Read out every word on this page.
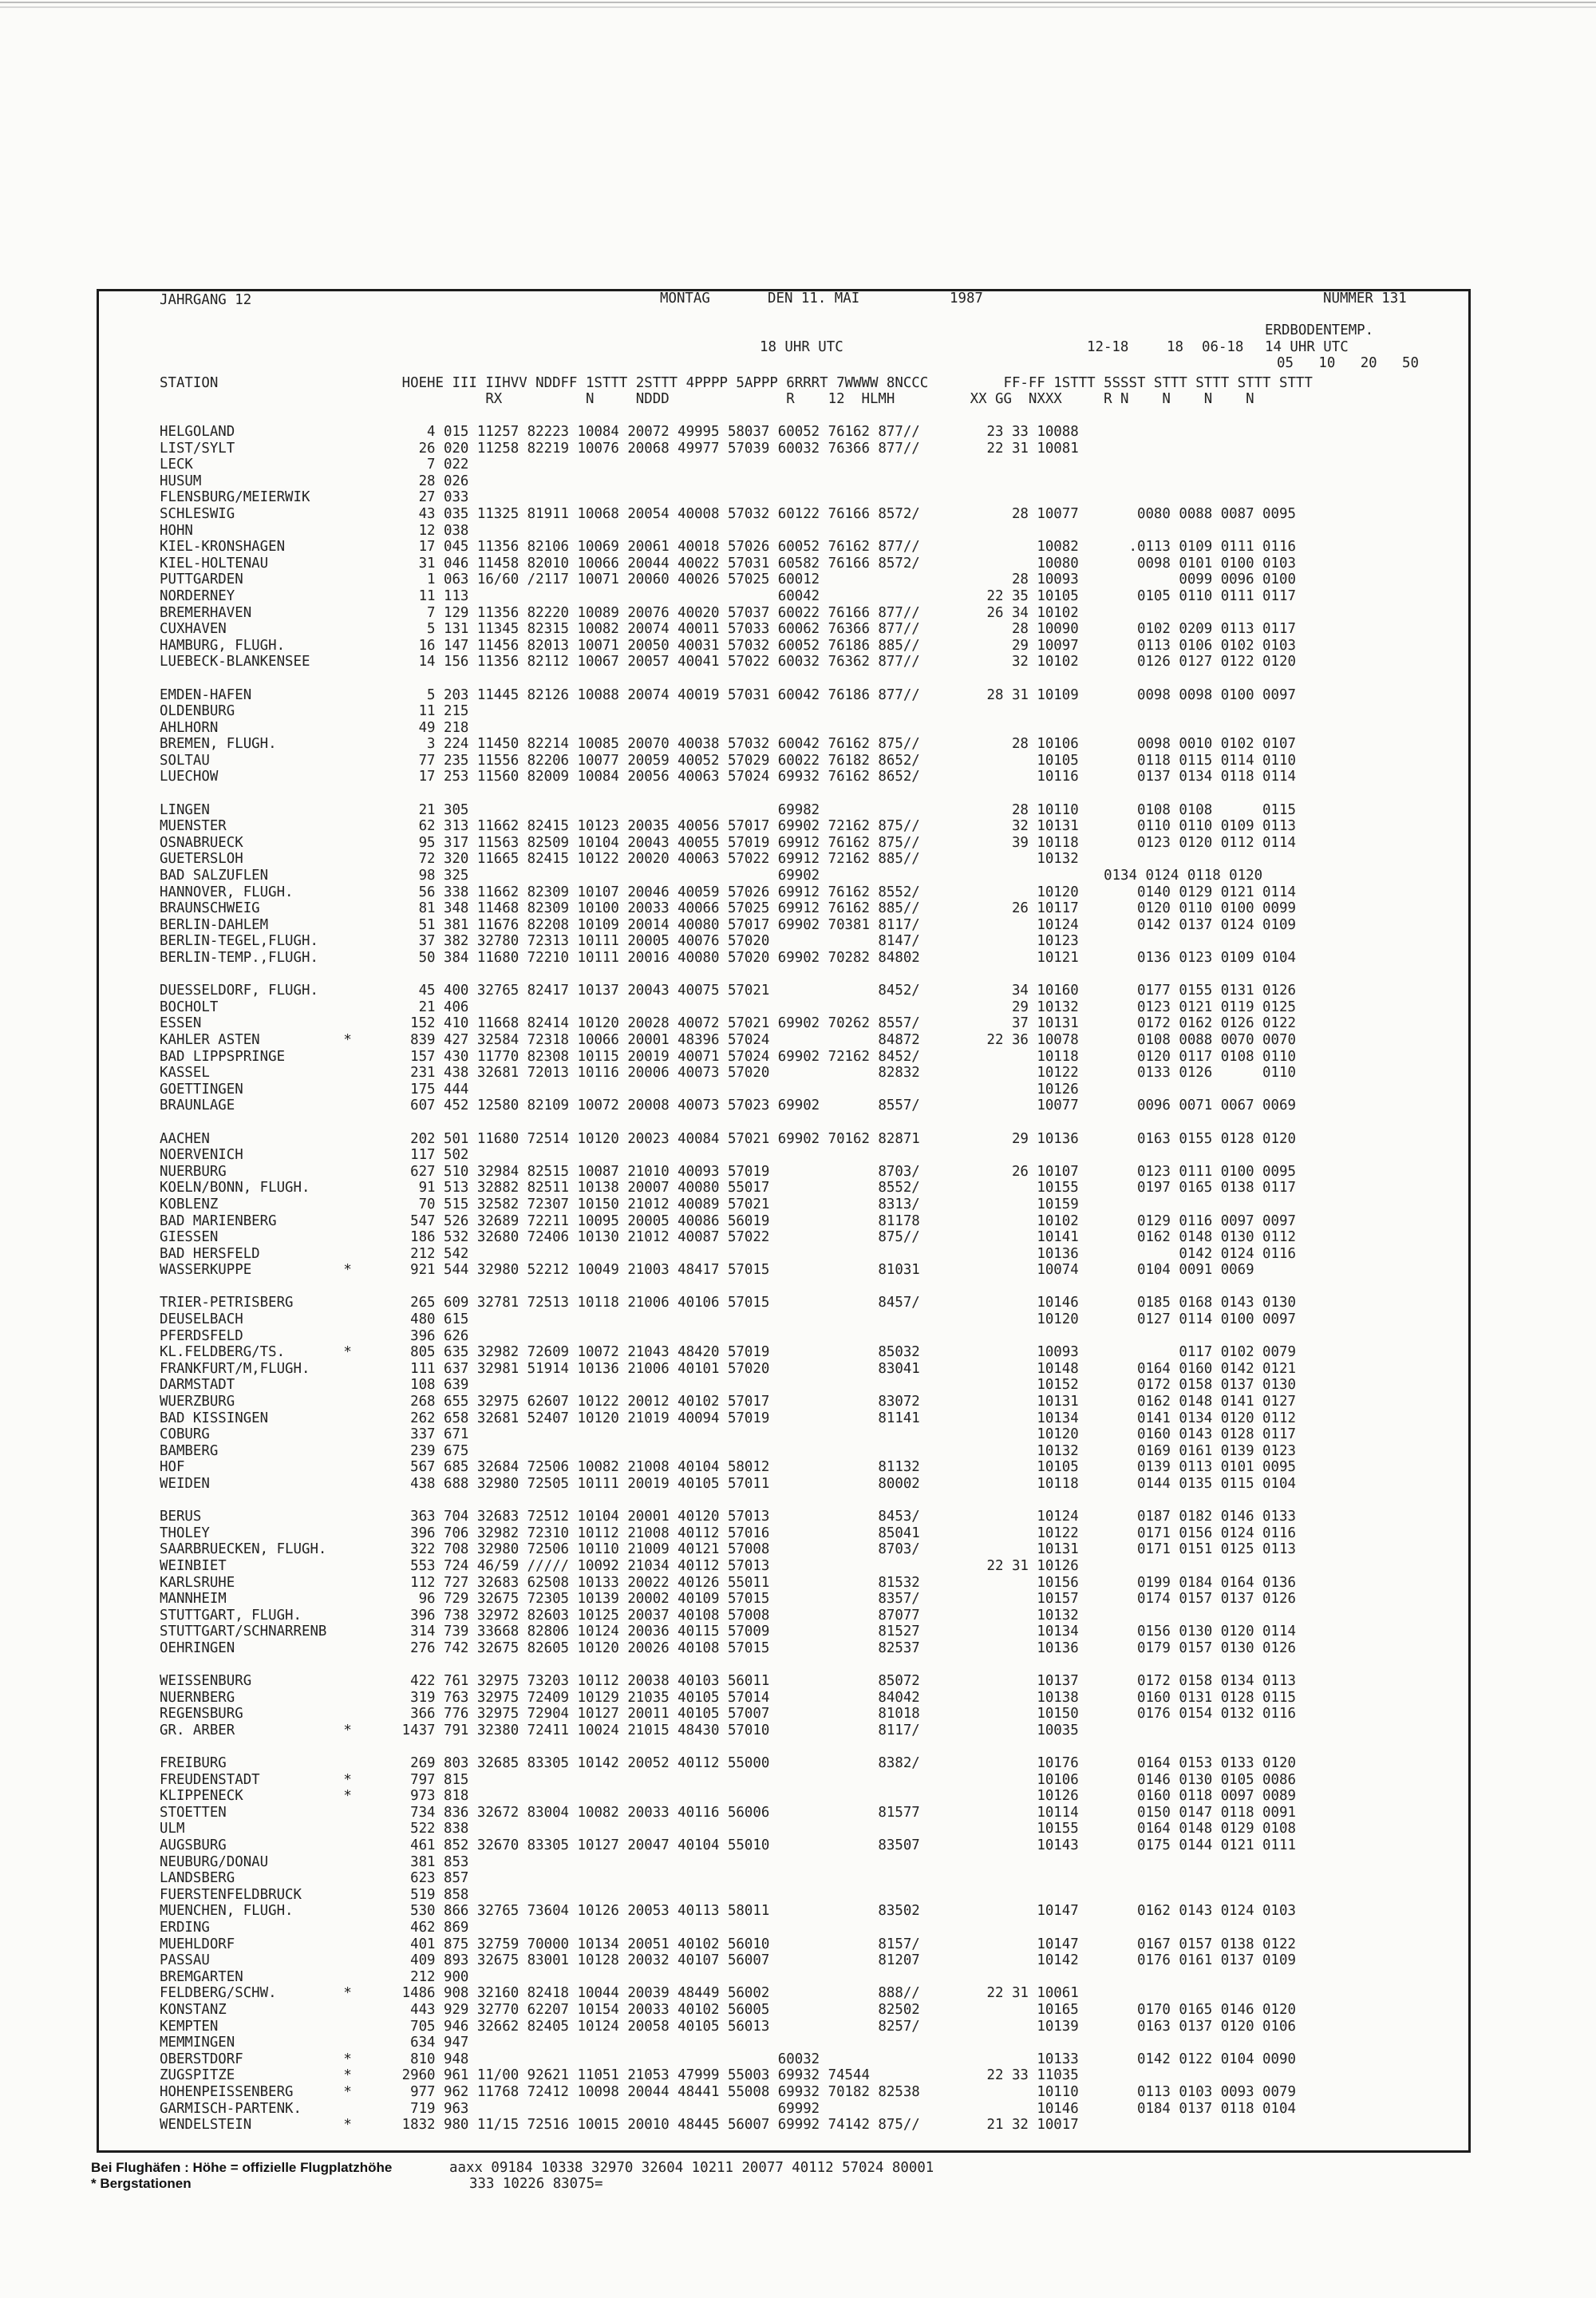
JAHRGANG 12	MONTAG	DEN 11. MAI	1987	NUMMER 131
ERDBODENTEMP.
18 UHR UTC	12-18	18 06-18 14 UHR UTC
05   10   20   50
STATION                      HOEHE III IIHVV NDDFF 1STTT 2STTT 4PPPP 5APPP 6RRRT 7WWWW 8NCCC         FF-FF 1STTT 5SSST STTT STTT STTT STTT
RX          N     NDDD              R    12  HLMH         XX GG  NXXX     R N    N    N    N
HELGOLAND                       4 015 11257 82223 10084 20072 49995 58037 60052 76162 877//        23 33 10088
LIST/SYLT                      26 020 11258 82219 10076 20068 49977 57039 60032 76366 877//        22 31 10081
LECK                            7 022
HUSUM                          28 026
FLENSBURG/MEIERWIK             27 033
SCHLESWIG                      43 035 11325 81911 10068 20054 40008 57032 60122 76166 8572/           28 10077       0080 0088 0087 0095
HOHN                           12 038
KIEL-KRONSHAGEN                17 045 11356 82106 10069 20061 40018 57026 60052 76162 877//              10082      .0113 0109 0111 0116
KIEL-HOLTENAU                  31 046 11458 82010 10066 20044 40022 57031 60582 76166 8572/              10080       0098 0101 0100 0103
PUTTGARDEN                      1 063 16/60 /2117 10071 20060 40026 57025 60012                       28 10093            0099 0096 0100
NORDERNEY                      11 113                                     60042                    22 35 10105       0105 0110 0111 0117
BREMERHAVEN                     7 129 11356 82220 10089 20076 40020 57037 60022 76166 877//        26 34 10102
CUXHAVEN                        5 131 11345 82315 10082 20074 40011 57033 60062 76366 877//           28 10090       0102 0209 0113 0117
HAMBURG, FLUGH.                16 147 11456 82013 10071 20050 40031 57032 60052 76186 885//           29 10097       0113 0106 0102 0103
LUEBECK-BLANKENSEE             14 156 11356 82112 10067 20057 40041 57022 60032 76362 877//           32 10102       0126 0127 0122 0120
EMDEN-HAFEN                     5 203 11445 82126 10088 20074 40019 57031 60042 76186 877//        28 31 10109       0098 0098 0100 0097
OLDENBURG                      11 215
AHLHORN                        49 218
BREMEN, FLUGH.                  3 224 11450 82214 10085 20070 40038 57032 60042 76162 875//           28 10106       0098 0010 0102 0107
SOLTAU                         77 235 11556 82206 10077 20059 40052 57029 60022 76182 8652/              10105       0118 0115 0114 0110
LUECHOW                        17 253 11560 82009 10084 20056 40063 57024 69932 76162 8652/              10116       0137 0134 0118 0114
LINGEN                         21 305                                     69982                       28 10110       0108 0108      0115
MUENSTER                       62 313 11662 82415 10123 20035 40056 57017 69902 72162 875//           32 10131       0110 0110 0109 0113
OSNABRUECK                     95 317 11563 82509 10104 20043 40055 57019 69912 76162 875//           39 10118       0123 0120 0112 0114
GUETERSLOH                     72 320 11665 82415 10122 20020 40063 57022 69912 72162 885//              10132
BAD SALZUFLEN                  98 325                                     69902                                  0134 0124 0118 0120
HANNOVER, FLUGH.               56 338 11662 82309 10107 20046 40059 57026 69912 76162 8552/              10120       0140 0129 0121 0114
BRAUNSCHWEIG                   81 348 11468 82309 10100 20033 40066 57025 69912 76162 885//           26 10117       0120 0110 0100 0099
BERLIN-DAHLEM                  51 381 11676 82208 10109 20014 40080 57017 69902 70381 8117/              10124       0142 0137 0124 0109
BERLIN-TEGEL,FLUGH.            37 382 32780 72313 10111 20005 40076 57020             8147/              10123
BERLIN-TEMP.,FLUGH.            50 384 11680 72210 10111 20016 40080 57020 69902 70282 84802              10121       0136 0123 0109 0104
DUESSELDORF, FLUGH.            45 400 32765 82417 10137 20043 40075 57021             8452/           34 10160       0177 0155 0131 0126
BOCHOLT                        21 406                                                                 29 10132       0123 0121 0119 0125
ESSEN                         152 410 11668 82414 10120 20028 40072 57021 69902 70262 8557/           37 10131       0172 0162 0126 0122
KAHLER ASTEN          *       839 427 32584 72318 10066 20001 48396 57024             84872        22 36 10078       0108 0088 0070 0070
BAD LIPPSPRINGE               157 430 11770 82308 10115 20019 40071 57024 69902 72162 8452/              10118       0120 0117 0108 0110
KASSEL                        231 438 32681 72013 10116 20006 40073 57020             82832              10122       0133 0126      0110
GOETTINGEN                    175 444                                                                    10126
BRAUNLAGE                     607 452 12580 82109 10072 20008 40073 57023 69902       8557/              10077       0096 0071 0067 0069
AACHEN                        202 501 11680 72514 10120 20023 40084 57021 69902 70162 82871           29 10136       0163 0155 0128 0120
NOERVENICH                    117 502
NUERBURG                      627 510 32984 82515 10087 21010 40093 57019             8703/           26 10107       0123 0111 0100 0095
KOELN/BONN, FLUGH.             91 513 32882 82511 10138 20007 40080 55017             8552/              10155       0197 0165 0138 0117
KOBLENZ                        70 515 32582 72307 10150 21012 40089 57021             8313/              10159
BAD MARIENBERG                547 526 32689 72211 10095 20005 40086 56019             81178              10102       0129 0116 0097 0097
GIESSEN                       186 532 32680 72406 10130 21012 40087 57022             875//              10141       0162 0148 0130 0112
BAD HERSFELD                  212 542                                                                    10136            0142 0124 0116
WASSERKUPPE           *       921 544 32980 52212 10049 21003 48417 57015             81031              10074       0104 0091 0069
TRIER-PETRISBERG              265 609 32781 72513 10118 21006 40106 57015             8457/              10146       0185 0168 0143 0130
DEUSELBACH                    480 615                                                                    10120       0127 0114 0100 0097
PFERDSFELD                    396 626
KL.FELDBERG/TS.       *       805 635 32982 72609 10072 21043 48420 57019             85032              10093            0117 0102 0079
FRANKFURT/M,FLUGH.            111 637 32981 51914 10136 21006 40101 57020             83041              10148       0164 0160 0142 0121
DARMSTADT                     108 639                                                                    10152       0172 0158 0137 0130
WUERZBURG                     268 655 32975 62607 10122 20012 40102 57017             83072              10131       0162 0148 0141 0127
BAD KISSINGEN                 262 658 32681 52407 10120 21019 40094 57019             81141              10134       0141 0134 0120 0112
COBURG                        337 671                                                                    10120       0160 0143 0128 0117
BAMBERG                       239 675                                                                    10132       0169 0161 0139 0123
HOF                           567 685 32684 72506 10082 21008 40104 58012             81132              10105       0139 0113 0101 0095
WEIDEN                        438 688 32980 72505 10111 20019 40105 57011             80002              10118       0144 0135 0115 0104
BERUS                         363 704 32683 72512 10104 20001 40120 57013             8453/              10124       0187 0182 0146 0133
THOLEY                        396 706 32982 72310 10112 21008 40112 57016             85041              10122       0171 0156 0124 0116
SAARBRUECKEN, FLUGH.          322 708 32980 72506 10110 21009 40121 57008             8703/              10131       0171 0151 0125 0113
WEINBIET                      553 724 46/59 ///// 10092 21034 40112 57013                          22 31 10126
KARLSRUHE                     112 727 32683 62508 10133 20022 40126 55011             81532              10156       0199 0184 0164 0136
MANNHEIM                       96 729 32675 72305 10139 20002 40109 57015             8357/              10157       0174 0157 0137 0126
STUTTGART, FLUGH.             396 738 32972 82603 10125 20037 40108 57008             87077              10132
STUTTGART/SCHNARRENB          314 739 33668 82806 10124 20036 40115 57009             81527              10134       0156 0130 0120 0114
OEHRINGEN                     276 742 32675 82605 10120 20026 40108 57015             82537              10136       0179 0157 0130 0126
WEISSENBURG                   422 761 32975 73203 10112 20038 40103 56011             85072              10137       0172 0158 0134 0113
NUERNBERG                     319 763 32975 72409 10129 21035 40105 57014             84042              10138       0160 0131 0128 0115
REGENSBURG                    366 776 32975 72904 10127 20011 40105 57007             81018              10150       0176 0154 0132 0116
GR. ARBER             *      1437 791 32380 72411 10024 21015 48430 57010             8117/              10035
FREIBURG                      269 803 32685 83305 10142 20052 40112 55000             8382/              10176       0164 0153 0133 0120
FREUDENSTADT          *       797 815                                                                    10106       0146 0130 0105 0086
KLIPPENECK            *       973 818                                                                    10126       0160 0118 0097 0089
STOETTEN                      734 836 32672 83004 10082 20033 40116 56006             81577              10114       0150 0147 0118 0091
ULM                           522 838                                                                    10155       0164 0148 0129 0108
AUGSBURG                      461 852 32670 83305 10127 20047 40104 55010             83507              10143       0175 0144 0121 0111
NEUBURG/DONAU                 381 853
LANDSBERG                     623 857
FUERSTENFELDBRUCK             519 858
MUENCHEN, FLUGH.              530 866 32765 73604 10126 20053 40113 58011             83502              10147       0162 0143 0124 0103
ERDING                        462 869
MUEHLDORF                     401 875 32759 70000 10134 20051 40102 56010             8157/              10147       0167 0157 0138 0122
PASSAU                        409 893 32675 83001 10128 20032 40107 56007             81207              10142       0176 0161 0137 0109
BREMGARTEN                    212 900
FELDBERG/SCHW.        *      1486 908 32160 82418 10044 20039 48449 56002             888//        22 31 10061
KONSTANZ                      443 929 32770 62207 10154 20033 40102 56005             82502              10165       0170 0165 0146 0120
KEMPTEN                       705 946 32662 82405 10124 20058 40105 56013             8257/              10139       0163 0137 0120 0106
MEMMINGEN                     634 947
OBERSTDORF            *       810 948                                     60032                          10133       0142 0122 0104 0090
ZUGSPITZE             *      2960 961 11/00 92621 11051 21053 47999 55003 69932 74544              22 33 11035
HOHENPEISSENBERG      *       977 962 11768 72412 10098 20044 48441 55008 69932 70182 82538              10110       0113 0103 0093 0079
GARMISCH-PARTENK.             719 963                                     69992                          10146       0184 0137 0118 0104
WENDELSTEIN           *      1832 980 11/15 72516 10015 20010 48445 56007 69992 74142 875//        21 32 10017
Bei Flughäfen : Höhe = offizielle Flugplatzhöhe
* Bergstationen
aaxx 09184 10338 32970 32604 10211 20077 40112 57024 80001
333 10226 83075=
